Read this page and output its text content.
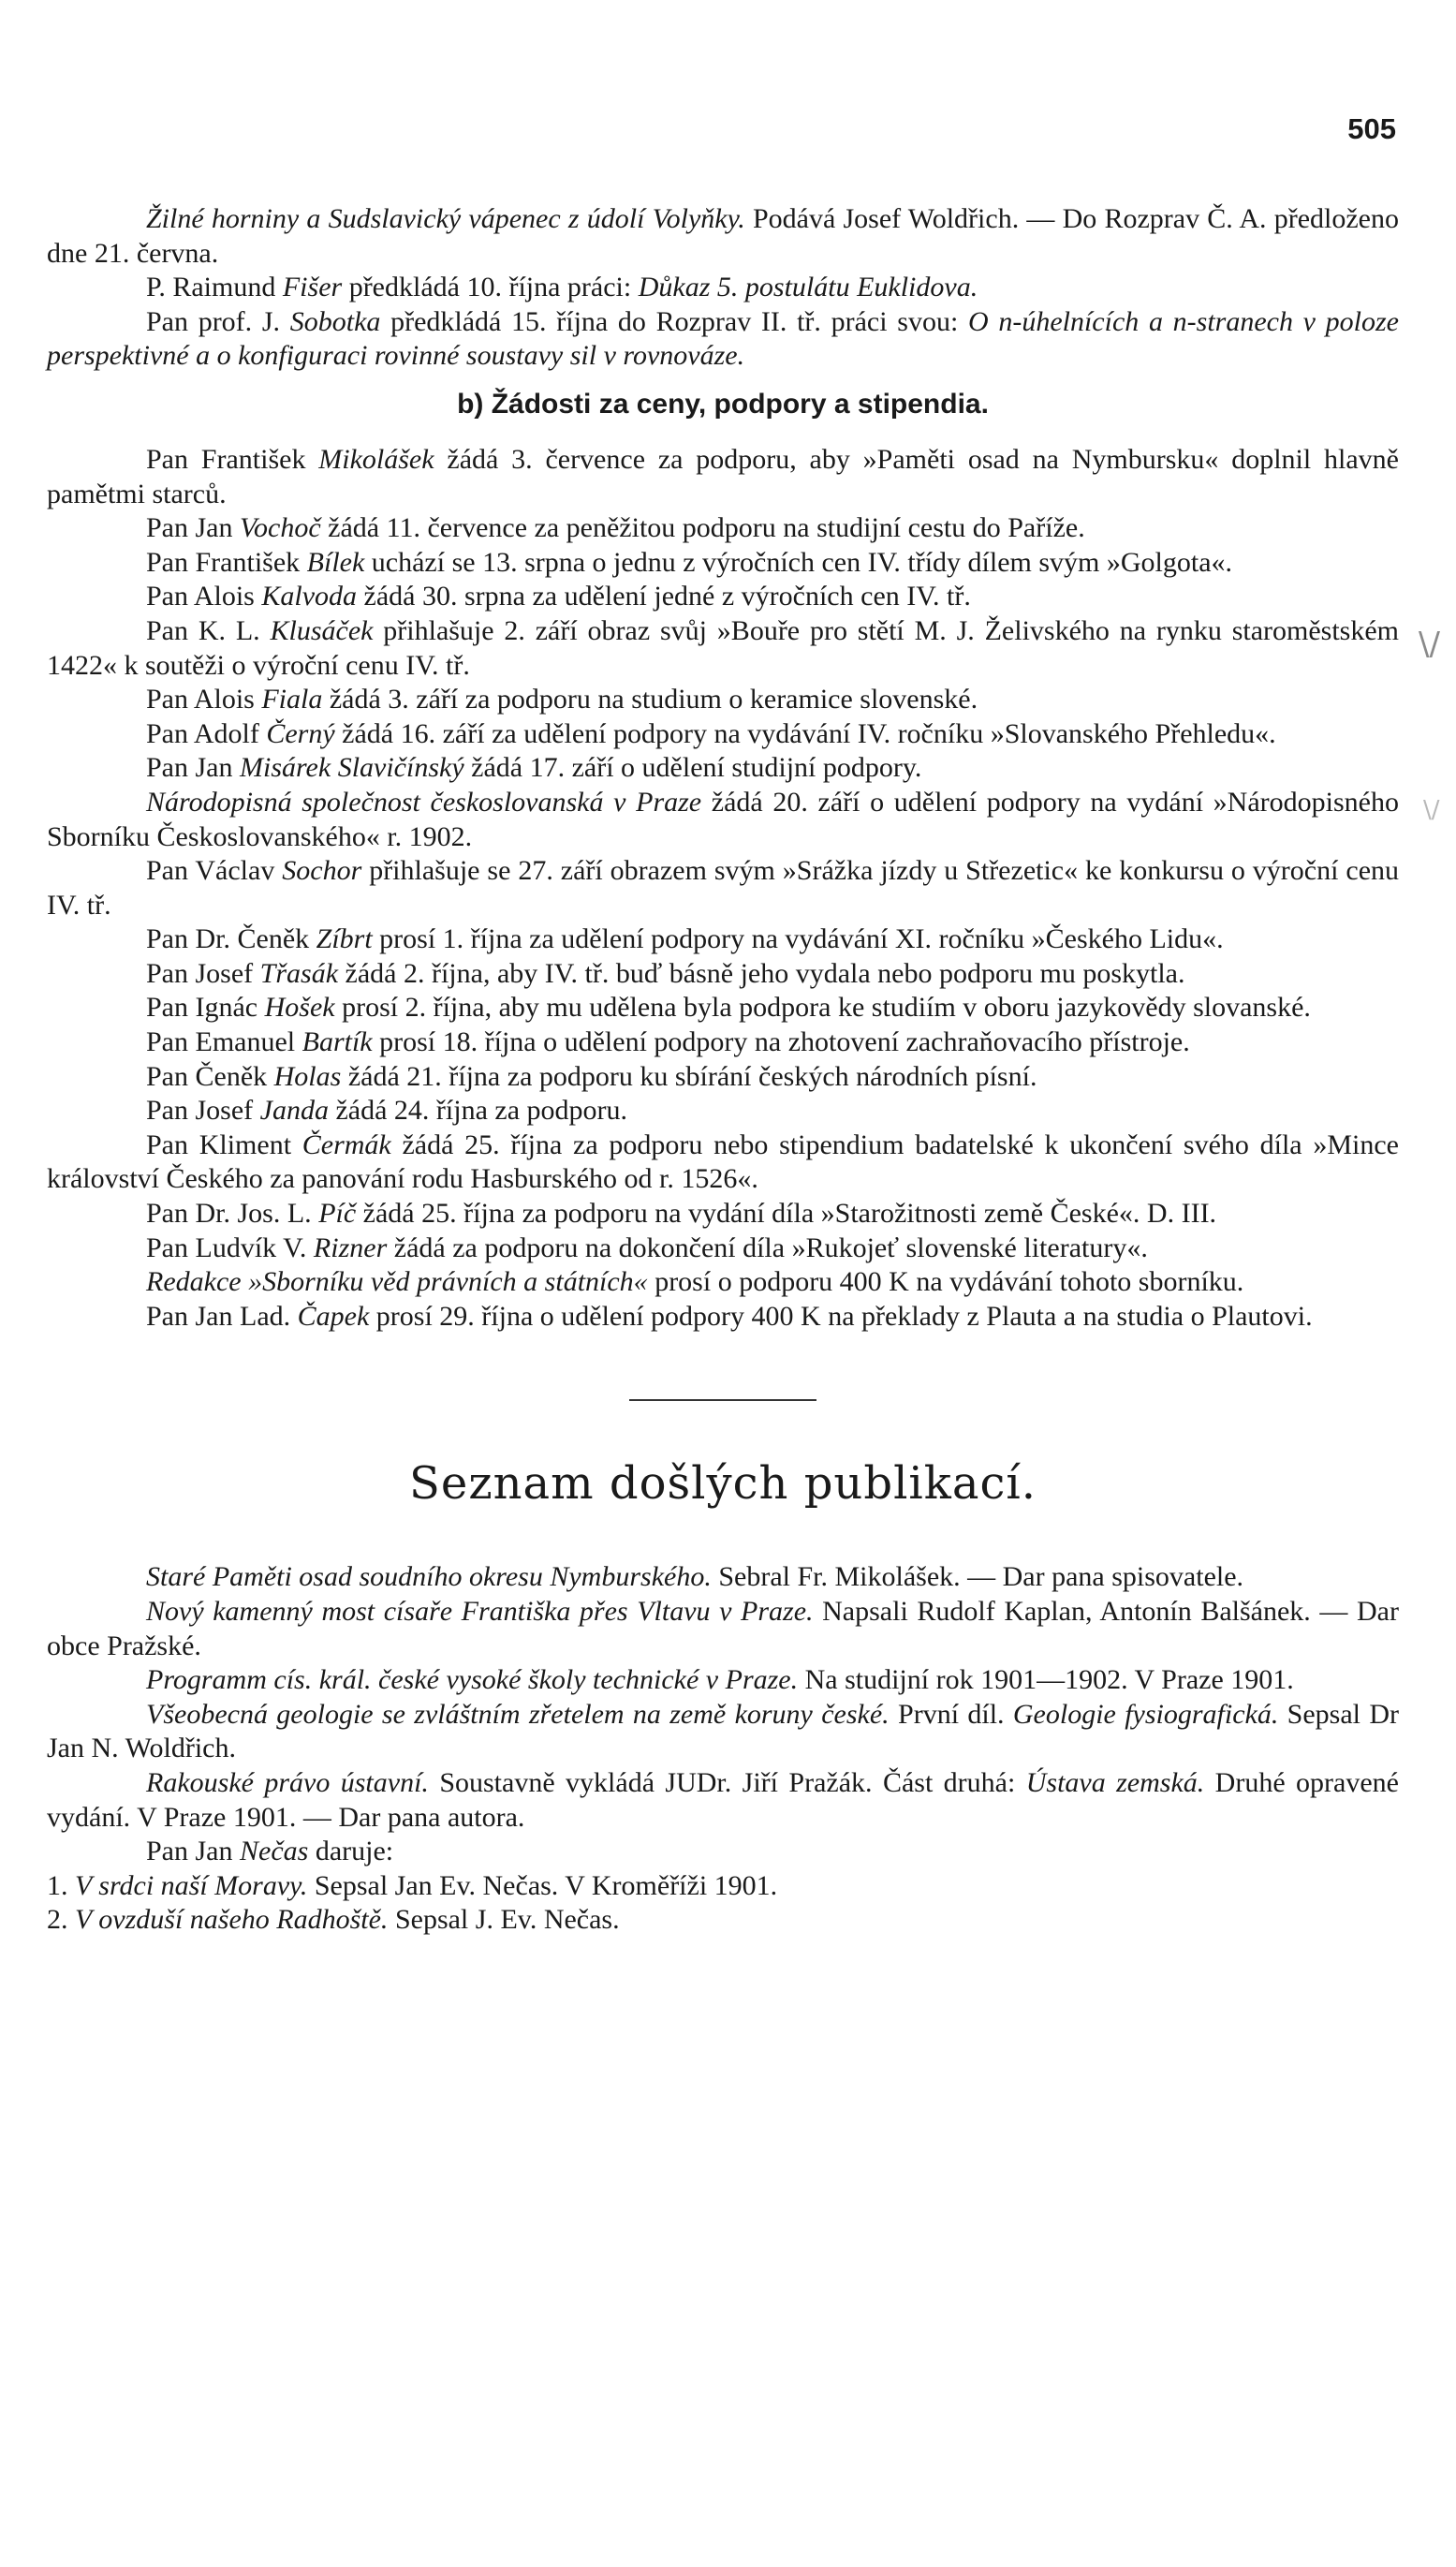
505
\/
\/

Žilné horniny a Sudslavický vápenec z údolí Volyňky. Podává Josef Woldřich. — Do Rozprav Č. A. předloženo dne 21. června.

P. Raimund Fišer předkládá 10. října práci: Důkaz 5. postulátu Euklidova.

Pan prof. J. Sobotka předkládá 15. října do Rozprav II. tř. práci svou: O n-úhelnících a n-stranech v poloze perspektivné a o konfiguraci rovinné soustavy sil v rovnováze.

b) Žádosti za ceny, podpory a stipendia.

Pan František Mikolášek žádá 3. července za podporu, aby »Paměti osad na Nymbursku« doplnil hlavně pamětmi starců.

Pan Jan Vochoč žádá 11. července za peněžitou podporu na studijní cestu do Paříže.

Pan František Bílek uchází se 13. srpna o jednu z výročních cen IV. třídy dílem svým »Golgota«.

Pan Alois Kalvoda žádá 30. srpna za udělení jedné z výročních cen IV. tř.

Pan K. L. Klusáček přihlašuje 2. září obraz svůj »Bouře pro stětí M. J. Želivského na rynku staroměstském 1422« k soutěži o výroční cenu IV. tř.

Pan Alois Fiala žádá 3. září za podporu na studium o keramice slovenské.

Pan Adolf Černý žádá 16. září za udělení podpory na vydávání IV. ročníku »Slovanského Přehledu«.

Pan Jan Misárek Slavičínský žádá 17. září o udělení studijní podpory.

Národopisná společnost českoslovanská v Praze žádá 20. září o udělení podpory na vydání »Národopisného Sborníku Českoslovanského« r. 1902.

Pan Václav Sochor přihlašuje se 27. září obrazem svým »Srážka jízdy u Střezetic« ke konkursu o výroční cenu IV. tř.

Pan Dr. Čeněk Zíbrt prosí 1. října za udělení podpory na vydávání XI. ročníku »Českého Lidu«.

Pan Josef Třasák žádá 2. října, aby IV. tř. buď básně jeho vydala nebo podporu mu poskytla.

Pan Ignác Hošek prosí 2. října, aby mu udělena byla podpora ke studiím v oboru jazykovědy slovanské.

Pan Emanuel Bartík prosí 18. října o udělení podpory na zhotovení zachraňovacího přístroje.

Pan Čeněk Holas žádá 21. října za podporu ku sbírání českých národních písní.

Pan Josef Janda žádá 24. října za podporu.

Pan Kliment Čermák žádá 25. října za podporu nebo stipendium badatelské k ukončení svého díla »Mince království Českého za panování rodu Hasburského od r. 1526«.

Pan Dr. Jos. L. Píč žádá 25. října za podporu na vydání díla »Starožitnosti země České«. D. III.

Pan Ludvík V. Rizner žádá za podporu na dokončení díla »Rukojeť slovenské literatury«.

Redakce »Sborníku věd právních a státních« prosí o podporu 400 K na vydávání tohoto sborníku.

Pan Jan Lad. Čapek prosí 29. října o udělení podpory 400 K na překlady z Plauta a na studia o Plautovi.

Seznam došlých publikací.

Staré Paměti osad soudního okresu Nymburského. Sebral Fr. Mikolášek. — Dar pana spisovatele.

Nový kamenný most císaře Františka přes Vltavu v Praze. Napsali Rudolf Kaplan, Antonín Balšánek. — Dar obce Pražské.

Programm cís. král. české vysoké školy technické v Praze. Na studijní rok 1901—1902. V Praze 1901.

Všeobecná geologie se zvláštním zřetelem na země koruny české. První díl. Geologie fysiografická. Sepsal Dr Jan N. Woldřich.

Rakouské právo ústavní. Soustavně vykládá JUDr. Jiří Pražák. Část druhá: Ústava zemská. Druhé opravené vydání. V Praze 1901. — Dar pana autora.

Pan Jan Nečas daruje:

1. V srdci naší Moravy. Sepsal Jan Ev. Nečas. V Kroměříži 1901.

2. V ovzduší našeho Radhoště. Sepsal J. Ev. Nečas.
